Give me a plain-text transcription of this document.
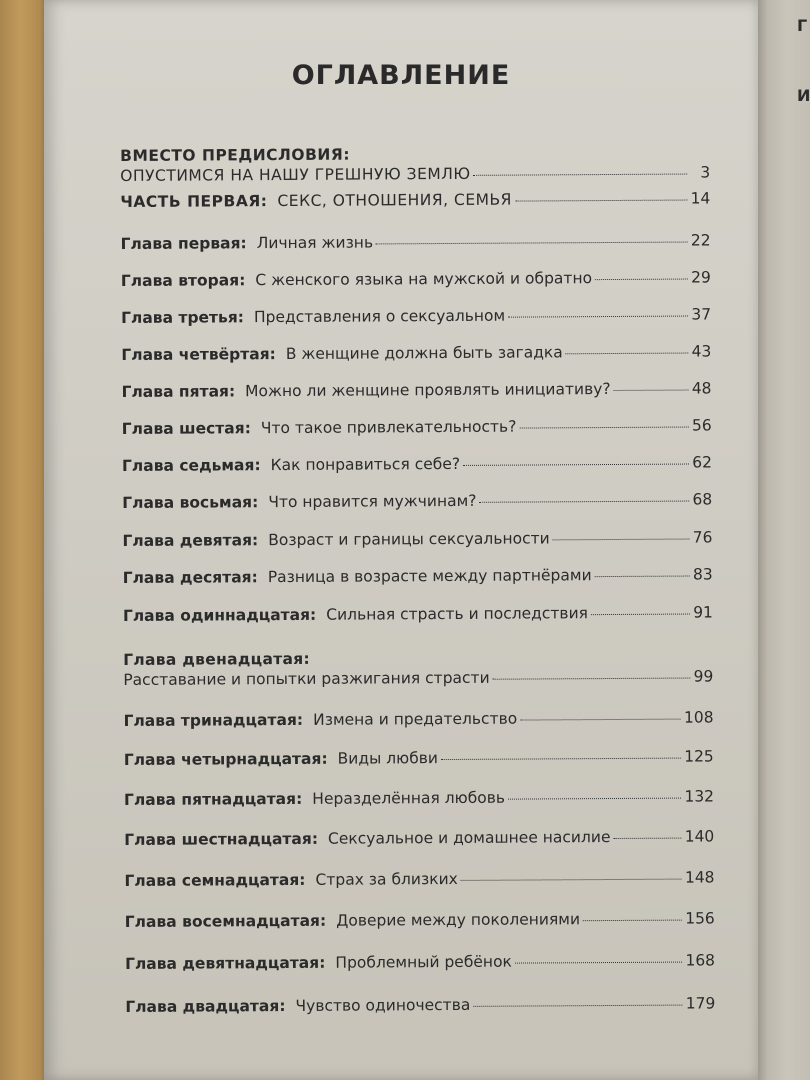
Г
И
ОГЛАВЛЕНИЕ
ВМЕСТО ПРЕДИСЛОВИЯ:
ОПУСТИМСЯ НА НАШУ ГРЕШНУЮ ЗЕМЛЮ	3
ЧАСТЬ ПЕРВАЯ: СЕКС, ОТНОШЕНИЯ, СЕМЬЯ	14
Глава первая: Личная жизнь	22
Глава вторая: С женского языка на мужской и обратно	29
Глава третья: Представления о сексуальном	37
Глава четвёртая: В женщине должна быть загадка	43
Глава пятая: Можно ли женщине проявлять инициативу?	48
Глава шестая: Что такое привлекательность?	56
Глава седьмая: Как понравиться себе?	62
Глава восьмая: Что нравится мужчинам?	68
Глава девятая: Возраст и границы сексуальности	76
Глава десятая: Разница в возрасте между партнёрами	83
Глава одиннадцатая: Сильная страсть и последствия	91
Глава двенадцатая:
Расставание и попытки разжигания страсти	99
Глава тринадцатая: Измена и предательство	108
Глава четырнадцатая: Виды любви	125
Глава пятнадцатая: Неразделённая любовь	132
Глава шестнадцатая: Сексуальное и домашнее насилие	140
Глава семнадцатая: Страх за близких	148
Глава восемнадцатая: Доверие между поколениями	156
Глава девятнадцатая: Проблемный ребёнок	168
Глава двадцатая: Чувство одиночества	179
